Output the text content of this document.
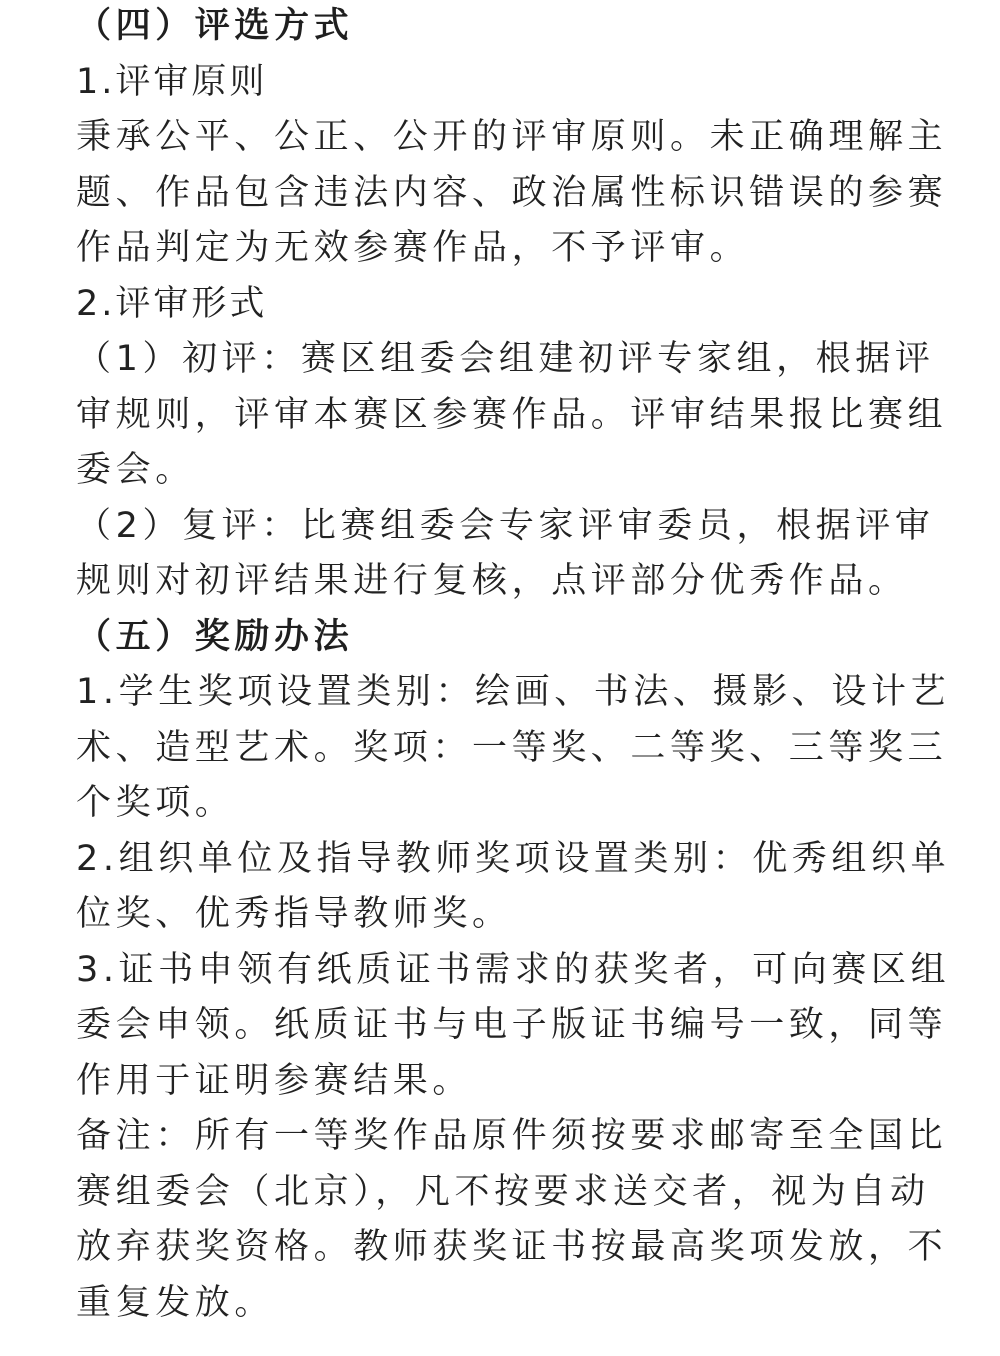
（四）评选方式
1.评审原则
秉承公平、公正、公开的评审原则。未正确理解主
题、作品包含违法内容、政治属性标识错误的参赛
作品判定为无效参赛作品，不予评审。
2.评审形式
（1）初评：赛区组委会组建初评专家组，根据评
审规则，评审本赛区参赛作品。评审结果报比赛组
委会。
（2）复评：比赛组委会专家评审委员，根据评审
规则对初评结果进行复核，点评部分优秀作品。
（五）奖励办法
1.学生奖项设置类别：绘画、书法、摄影、设计艺
术、造型艺术。奖项：一等奖、二等奖、三等奖三
个奖项。
2.组织单位及指导教师奖项设置类别：优秀组织单
位奖、优秀指导教师奖。
3.证书申领有纸质证书需求的获奖者，可向赛区组
委会申领。纸质证书与电子版证书编号一致，同等
作用于证明参赛结果。
备注：所有一等奖作品原件须按要求邮寄至全国比
赛组委会（北京），凡不按要求送交者，视为自动
放弃获奖资格。教师获奖证书按最高奖项发放，不
重复发放。
